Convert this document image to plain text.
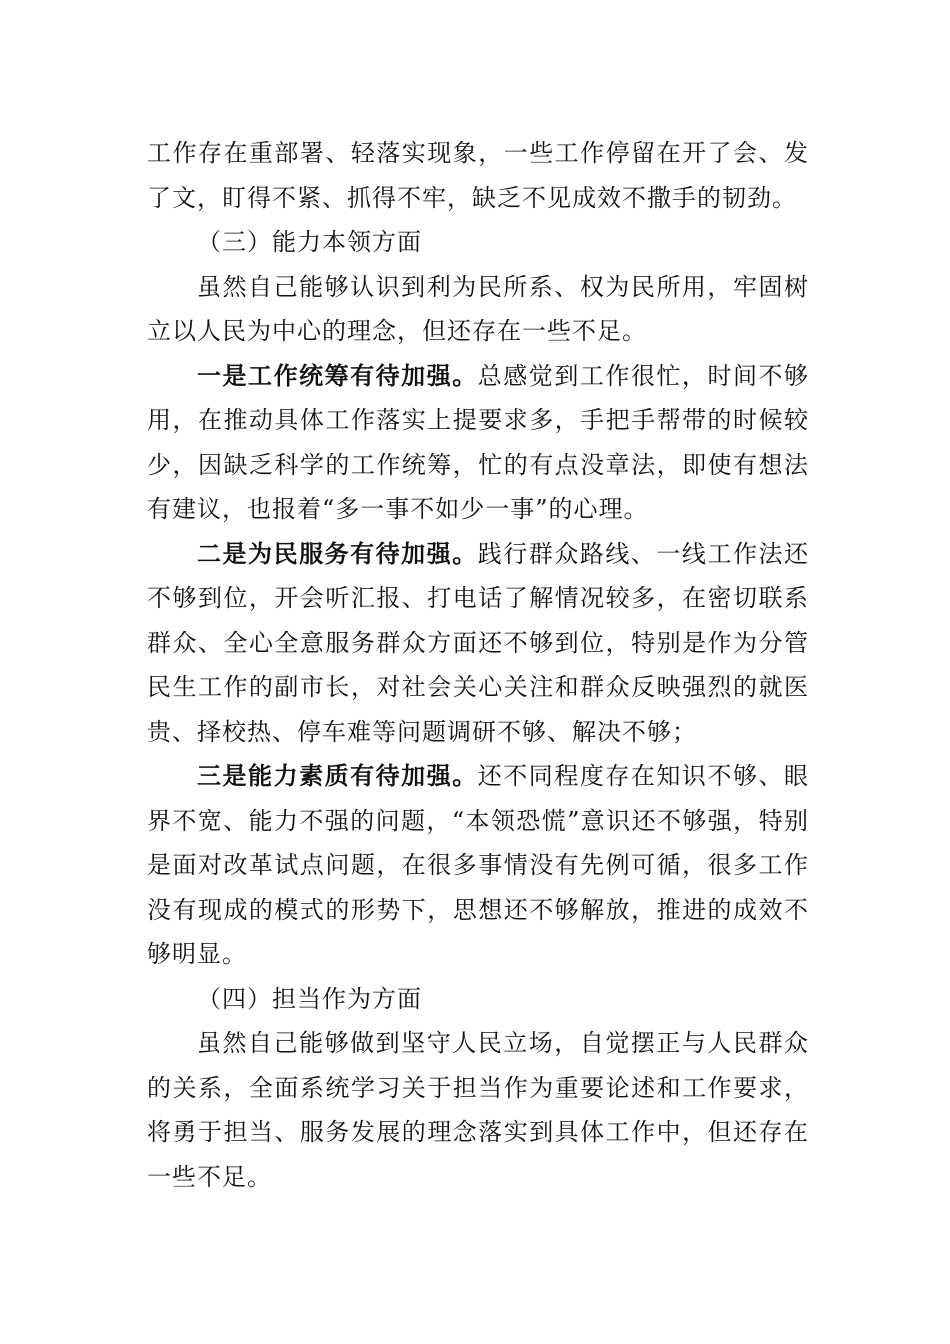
工作存在重部署、轻落实现象，一些工作停留在开了会、发了文，盯得不紧、抓得不牢，缺乏不见成效不撒手的韧劲。

（三）能力本领方面

虽然自己能够认识到利为民所系、权为民所用，牢固树立以人民为中心的理念，但还存在一些不足。

一是工作统筹有待加强。总感觉到工作很忙，时间不够用，在推动具体工作落实上提要求多，手把手帮带的时候较少，因缺乏科学的工作统筹，忙的有点没章法，即使有想法有建议，也报着“多一事不如少一事”的心理。

二是为民服务有待加强。践行群众路线、一线工作法还不够到位，开会听汇报、打电话了解情况较多，在密切联系群众、全心全意服务群众方面还不够到位，特别是作为分管民生工作的副市长，对社会关心关注和群众反映强烈的就医贵、择校热、停车难等问题调研不够、解决不够；

三是能力素质有待加强。还不同程度存在知识不够、眼界不宽、能力不强的问题，“本领恐慌”意识还不够强，特别是面对改革试点问题，在很多事情没有先例可循，很多工作没有现成的模式的形势下，思想还不够解放，推进的成效不够明显。

（四）担当作为方面

虽然自己能够做到坚守人民立场，自觉摆正与人民群众的关系，全面系统学习关于担当作为重要论述和工作要求，将勇于担当、服务发展的理念落实到具体工作中，但还存在一些不足。
